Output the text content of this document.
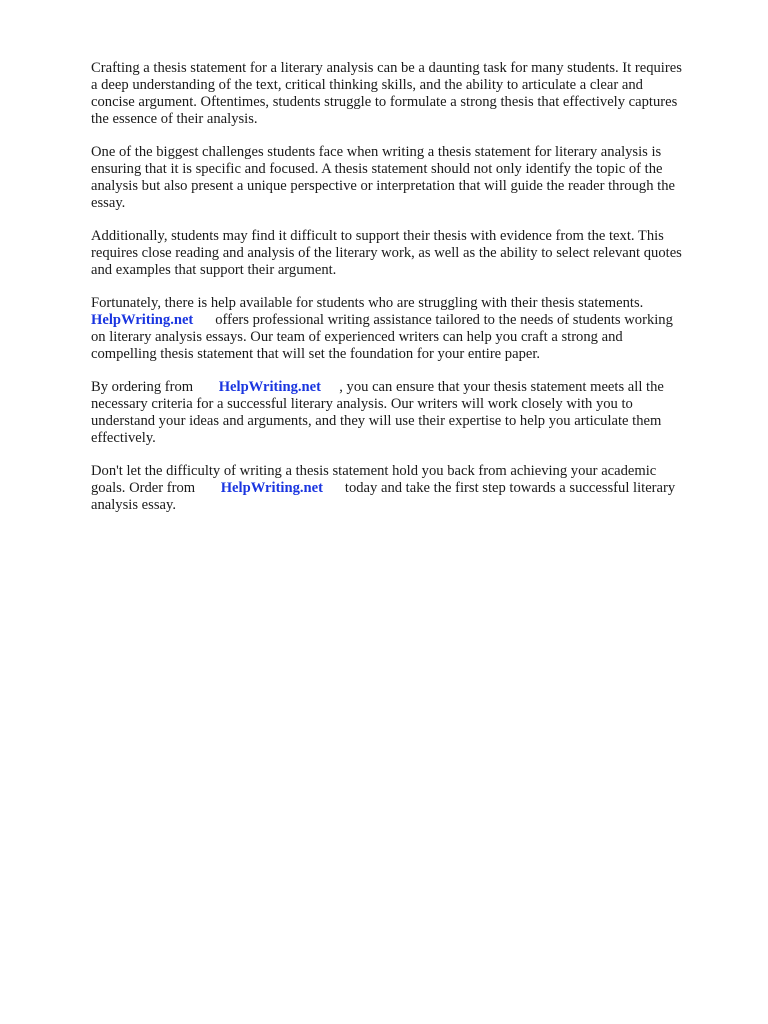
Crafting a thesis statement for a literary analysis can be a daunting task for many students. It requires
a deep understanding of the text, critical thinking skills, and the ability to articulate a clear and
concise argument. Oftentimes, students struggle to formulate a strong thesis that effectively captures
the essence of their analysis.
One of the biggest challenges students face when writing a thesis statement for literary analysis is
ensuring that it is specific and focused. A thesis statement should not only identify the topic of the
analysis but also present a unique perspective or interpretation that will guide the reader through the
essay.
Additionally, students may find it difficult to support their thesis with evidence from the text. This
requires close reading and analysis of the literary work, as well as the ability to select relevant quotes
and examples that support their argument.
Fortunately, there is help available for students who are struggling with their thesis statements.
HelpWriting.net offers professional writing assistance tailored to the needs of students working
on literary analysis essays. Our team of experienced writers can help you craft a strong and
compelling thesis statement that will set the foundation for your entire paper.
By ordering from HelpWriting.net , you can ensure that your thesis statement meets all the
necessary criteria for a successful literary analysis. Our writers will work closely with you to
understand your ideas and arguments, and they will use their expertise to help you articulate them
effectively.
Don't let the difficulty of writing a thesis statement hold you back from achieving your academic
goals. Order from HelpWriting.net today and take the first step towards a successful literary
analysis essay.
